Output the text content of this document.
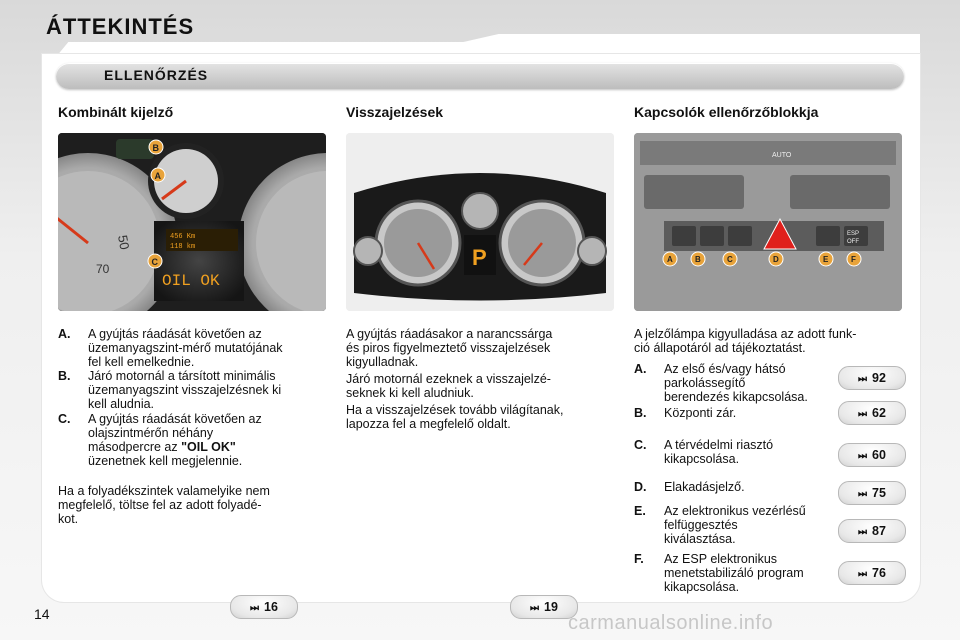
ÁTTEKINTÉS
ELLENŐRZÉS
Kombinált kijelző	Visszajelzések	Kapcsolók ellenőrzőblokkja
50
70
456 Km
118 km
OIL OK
B
A
C	P
AUTO
ESP
OFF
A	B	C	D	E	F
A. A gyújtás ráadását követően az
üzemanyagszint-mérő mutatójának
fel kell emelkednie.
B. Járó motornál a társított minimális
üzemanyagszint visszajelzésnek ki
kell aludnia.
C. A gyújtás ráadását követően az
olajszintmérőn néhány
másodpercre az "OIL OK"
üzenetnek kell megjelennie.
Ha a folyadékszintek valamelyike nem
megfelelő, töltse fel az adott folyadé-
kot.
A gyújtás ráadásakor a narancssárga
és piros figyelmeztető visszajelzések
kigyulladnak.
Járó motornál ezeknek a visszajelzé-
seknek ki kell aludniuk.
Ha a visszajelzések tovább világítanak,
lapozza fel a megfelelő oldalt.
A jelzőlámpa kigyulladása az adott funk-
ció állapotáról ad tájékoztatást.
A. Az első és/vagy hátsó
parkolássegítő
berendezés kikapcsolása.
⏭ 92
B. Központi zár.	⏭ 62
C. A térvédelmi riasztó
kikapcsolása.	⏭ 60
D. Elakadásjelző.
⏭ 75
E. Az elektronikus vezérlésű
felfüggesztés
kiválasztása.	⏭ 87
F. Az ESP elektronikus
menetstabilizáló program
kikapcsolása.
⏭ 76
⏭ 16	⏭ 19
14	carmanualsonline.info
